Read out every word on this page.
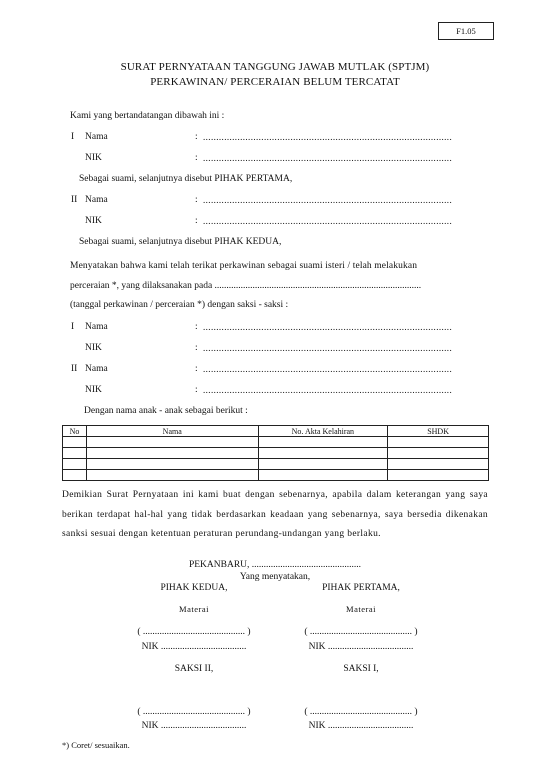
F1.05
SURAT PERNYATAAN TANGGUNG JAWAB MUTLAK (SPTJM)
PERKAWINAN/ PERCERAIAN BELUM TERCATAT
Kami yang bertandatangan dibawah ini :
I Nama	: ..............................................................................................
NIK	: ..............................................................................................
Sebagai suami, selanjutnya disebut PIHAK PERTAMA,
II Nama	: ..............................................................................................
NIK	: ..............................................................................................
Sebagai suami, selanjutnya disebut PIHAK KEDUA,
Menyatakan bahwa kami telah terikat perkawinan sebagai suami isteri / telah melakukan
perceraian *, yang dilaksanakan pada .......................................................................................
(tanggal perkawinan / perceraian *) dengan saksi - saksi :
I Nama	: ..............................................................................................
NIK	: ..............................................................................................
II Nama	: ..............................................................................................
NIK	: ..............................................................................................
Dengan nama anak - anak sebagai berikut :
No	Nama	No. Akta Kelahiran	SHDK

Demikian Surat Pernyataan ini kami buat dengan sebenarnya, apabila dalam keterangan yang saya berikan terdapat hal-hal yang tidak berdasarkan keadaan yang sebenarnya, saya bersedia dikenakan sanksi sesuai dengan ketentuan peraturan perundang-undangan yang berlaku.
PEKANBARU, ..............................................
Yang menyatakan,
PIHAK KEDUA,	PIHAK PERTAMA,
Materai	Materai
( ........................................... )	( ........................................... )
NIK ....................................	NIK ....................................
SAKSI II,	SAKSI I,
( ........................................... )	( ........................................... )
NIK ....................................	NIK ....................................
*) Coret/ sesuaikan.
